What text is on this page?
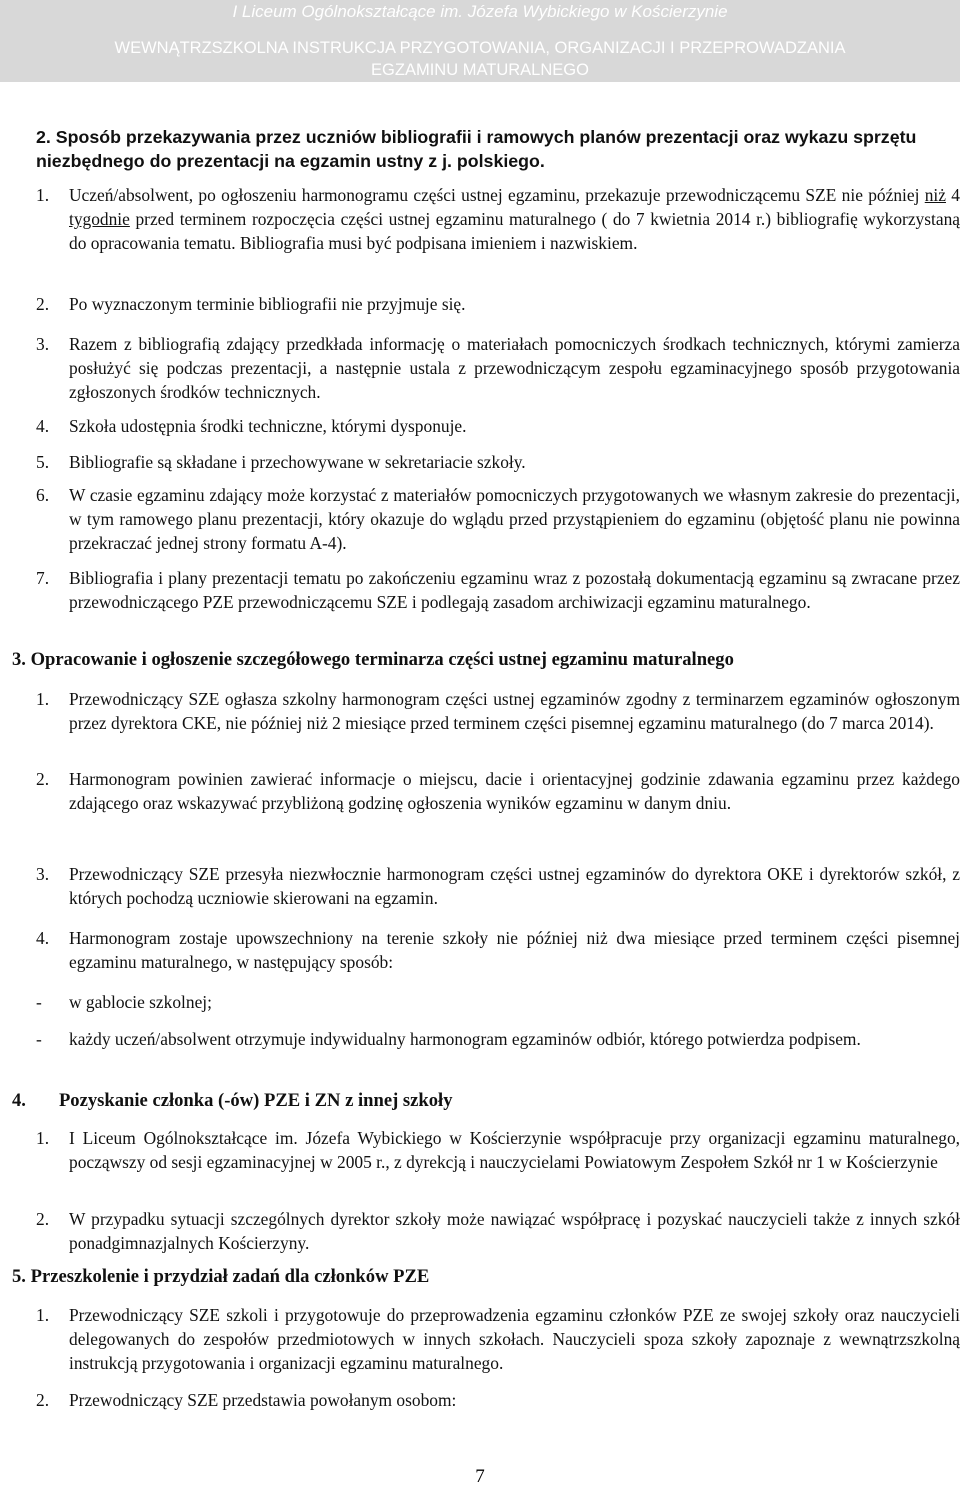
I Liceum Ogólnokształcące im. Józefa Wybickiego w Kościerzynie
WEWNĄTRZSZKOLNA INSTRUKCJA PRZYGOTOWANIA, ORGANIZACJI I PRZEPROWADZANIA
EGZAMINU MATURALNEGO
2. Sposób przekazywania przez uczniów bibliografii i ramowych planów prezentacji oraz wykazu sprzętu niezbędnego do prezentacji na egzamin ustny z j. polskiego.
1.	Uczeń/absolwent, po ogłoszeniu harmonogramu części ustnej egzaminu, przekazuje przewodniczącemu SZE nie później niż 4 tygodnie przed terminem rozpoczęcia części ustnej egzaminu maturalnego ( do 7 kwietnia 2014 r.) bibliografię wykorzystaną do opracowania tematu. Bibliografia musi być podpisana imieniem i nazwiskiem.
2.	Po wyznaczonym terminie bibliografii nie przyjmuje się.
3.	Razem z bibliografią zdający przedkłada informację o materiałach pomocniczych środkach technicznych, którymi zamierza posłużyć się podczas prezentacji, a następnie ustala z przewodniczącym zespołu egzaminacyjnego sposób przygotowania zgłoszonych środków technicznych.
4.	Szkoła udostępnia środki techniczne, którymi dysponuje.
5.	Bibliografie są składane i przechowywane w sekretariacie szkoły.
6.	W czasie egzaminu zdający może korzystać z materiałów pomocniczych przygotowanych we własnym zakresie do prezentacji, w tym ramowego planu prezentacji, który okazuje do wglądu przed przystąpieniem do egzaminu (objętość planu nie powinna przekraczać jednej strony formatu A-4).
7.	Bibliografia i plany prezentacji tematu po zakończeniu egzaminu wraz z pozostałą dokumentacją egzaminu są zwracane przez przewodniczącego PZE przewodniczącemu SZE i podlegają zasadom archiwizacji egzaminu maturalnego.
3. Opracowanie i ogłoszenie szczegółowego terminarza części ustnej egzaminu maturalnego
1.	Przewodniczący SZE ogłasza szkolny harmonogram części ustnej egzaminów zgodny z terminarzem egzaminów ogłoszonym przez dyrektora CKE, nie później niż 2 miesiące przed terminem części pisemnej egzaminu maturalnego (do 7 marca 2014).
2.	Harmonogram powinien zawierać informacje o miejscu, dacie i orientacyjnej godzinie zdawania egzaminu przez każdego zdającego oraz wskazywać przybliżoną godzinę ogłoszenia wyników egzaminu w danym dniu.
3.	Przewodniczący SZE przesyła niezwłocznie harmonogram części ustnej egzaminów do dyrektora OKE i dyrektorów szkół, z których pochodzą uczniowie skierowani na egzamin.
4.	Harmonogram zostaje upowszechniony na terenie szkoły nie później niż dwa miesiące przed terminem części pisemnej egzaminu maturalnego, w następujący sposób:
-	w gablocie szkolnej;
-	każdy uczeń/absolwent otrzymuje indywidualny harmonogram egzaminów odbiór, którego potwierdza podpisem.
4. Pozyskanie członka (-ów) PZE i ZN z innej szkoły
1.	I Liceum Ogólnokształcące im. Józefa Wybickiego w Kościerzynie współpracuje przy organizacji egzaminu maturalnego, począwszy od sesji egzaminacyjnej w 2005 r., z dyrekcją i nauczycielami Powiatowym Zespołem Szkół nr 1 w Kościerzynie
2.	W przypadku sytuacji szczególnych dyrektor szkoły może nawiązać współpracę i pozyskać nauczycieli także z innych szkół ponadgimnazjalnych Kościerzyny.
5. Przeszkolenie i przydział zadań dla członków PZE
1.	Przewodniczący SZE szkoli i przygotowuje do przeprowadzenia egzaminu członków PZE ze swojej szkoły oraz nauczycieli delegowanych do zespołów przedmiotowych w innych szkołach. Nauczycieli spoza szkoły zapoznaje z wewnątrzszkolną instrukcją przygotowania i organizacji egzaminu maturalnego.
2.	Przewodniczący SZE przedstawia powołanym osobom:
7
